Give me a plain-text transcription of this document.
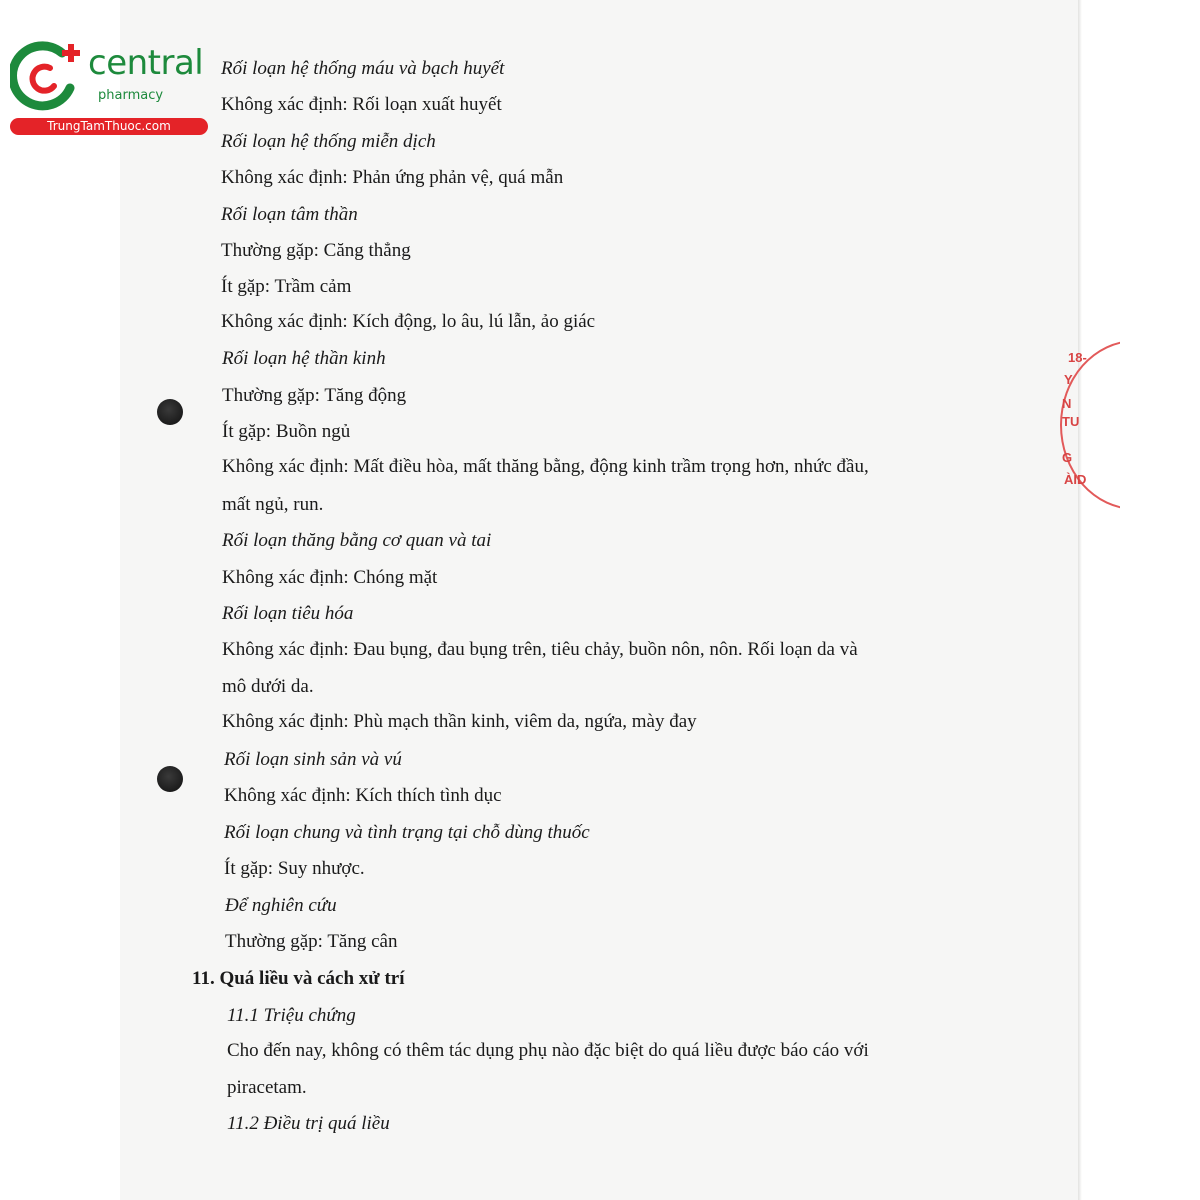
18-
Y
N
TU
G
ÀID
central
pharmacy
TrungTamThuoc.com
Rối loạn hệ thống máu và bạch huyết
Không xác định: Rối loạn xuất huyết
Rối loạn hệ thống miễn dịch
Không xác định: Phản ứng phản vệ, quá mẫn
Rối loạn tâm thần
Thường gặp: Căng thẳng
Ít gặp: Trầm cảm
Không xác định: Kích động, lo âu, lú lẫn, ảo giác
Rối loạn hệ thần kinh
Thường gặp: Tăng động
Ít gặp: Buồn ngủ
Không xác định: Mất điều hòa, mất thăng bằng, động kinh trầm trọng hơn, nhức đầu,
mất ngủ, run.
Rối loạn thăng bằng cơ quan và tai
Không xác định: Chóng mặt
Rối loạn tiêu hóa
Không xác định: Đau bụng, đau bụng trên, tiêu chảy, buồn nôn, nôn. Rối loạn da và
mô dưới da.
Không xác định: Phù mạch thần kinh, viêm da, ngứa, mày đay
Rối loạn sinh sản và vú
Không xác định: Kích thích tình dục
Rối loạn chung và tình trạng tại chỗ dùng thuốc
Ít gặp: Suy nhược.
Để nghiên cứu
Thường gặp: Tăng cân
11. Quá liều và cách xử trí
11.1 Triệu chứng
Cho đến nay, không có thêm tác dụng phụ nào đặc biệt do quá liều được báo cáo với
piracetam.
11.2 Điều trị quá liều
